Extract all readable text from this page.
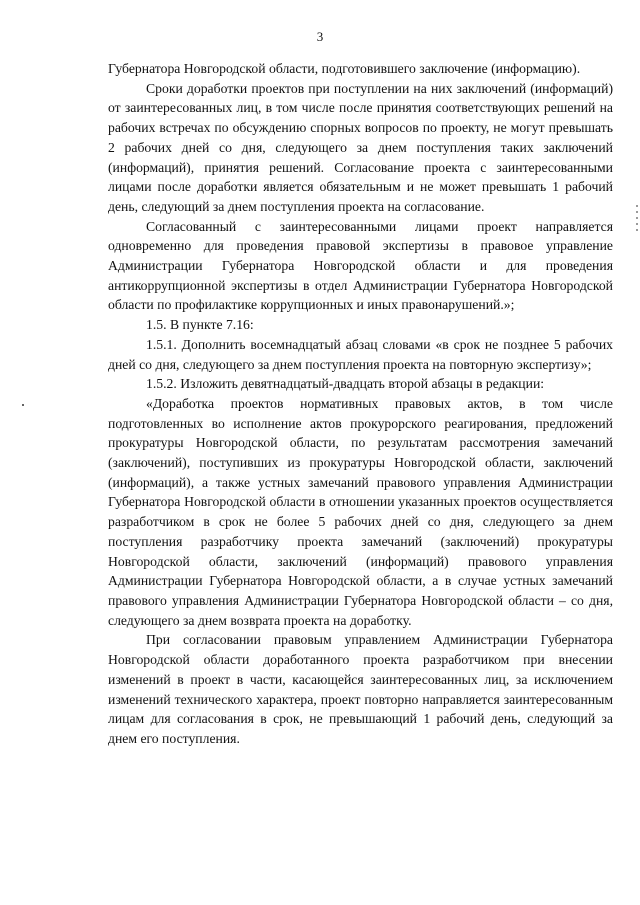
3

Губернатора Новгородской области, подготовившего заключение (информацию).

Сроки доработки проектов при поступлении на них заключений (информаций) от заинтересованных лиц, в том числе после принятия соответствующих решений на рабочих встречах по обсуждению спорных вопросов по проекту, не могут превышать 2 рабочих дней со дня, следующего за днем поступления таких заключений (информаций), принятия решений. Согласование проекта с заинтересованными лицами после доработки является обязательным и не может превышать 1 рабочий день, следующий за днем поступления проекта на согласование.

Согласованный с заинтересованными лицами проект направляется одновременно для проведения правовой экспертизы в правовое управление Администрации Губернатора Новгородской области и для проведения антикоррупционной экспертизы в отдел Администрации Губернатора Новгородской области по профилактике коррупционных и иных правонарушений.»;

1.5. В пункте 7.16:

1.5.1. Дополнить восемнадцатый абзац словами «в срок не позднее 5 рабочих дней со дня, следующего за днем поступления проекта на повторную экспертизу»;

1.5.2. Изложить девятнадцатый-двадцать второй абзацы в редакции:

«Доработка проектов нормативных правовых актов, в том числе подготовленных во исполнение актов прокурорского реагирования, предложений прокуратуры Новгородской области, по результатам рассмотрения замечаний (заключений), поступивших из прокуратуры Новгородской области, заключений (информаций), а также устных замечаний правового управления Администрации Губернатора Новгородской области в отношении указанных проектов осуществляется разработчиком в срок не более 5 рабочих дней со дня, следующего за днем поступления разработчику проекта замечаний (заключений) прокуратуры Новгородской области, заключений (информаций) правового управления Администрации Губернатора Новгородской области, а в случае устных замечаний правового управления Администрации Губернатора Новгородской области – со дня, следующего за днем возврата проекта на доработку.

При согласовании правовым управлением Администрации Губернатора Новгородской области доработанного проекта разработчиком при внесении изменений в проект в части, касающейся заинтересованных лиц, за исключением изменений технического характера, проект повторно направляется заинтересованным лицам для согласования в срок, не превышающий 1 рабочий день, следующий за днем его поступления.
